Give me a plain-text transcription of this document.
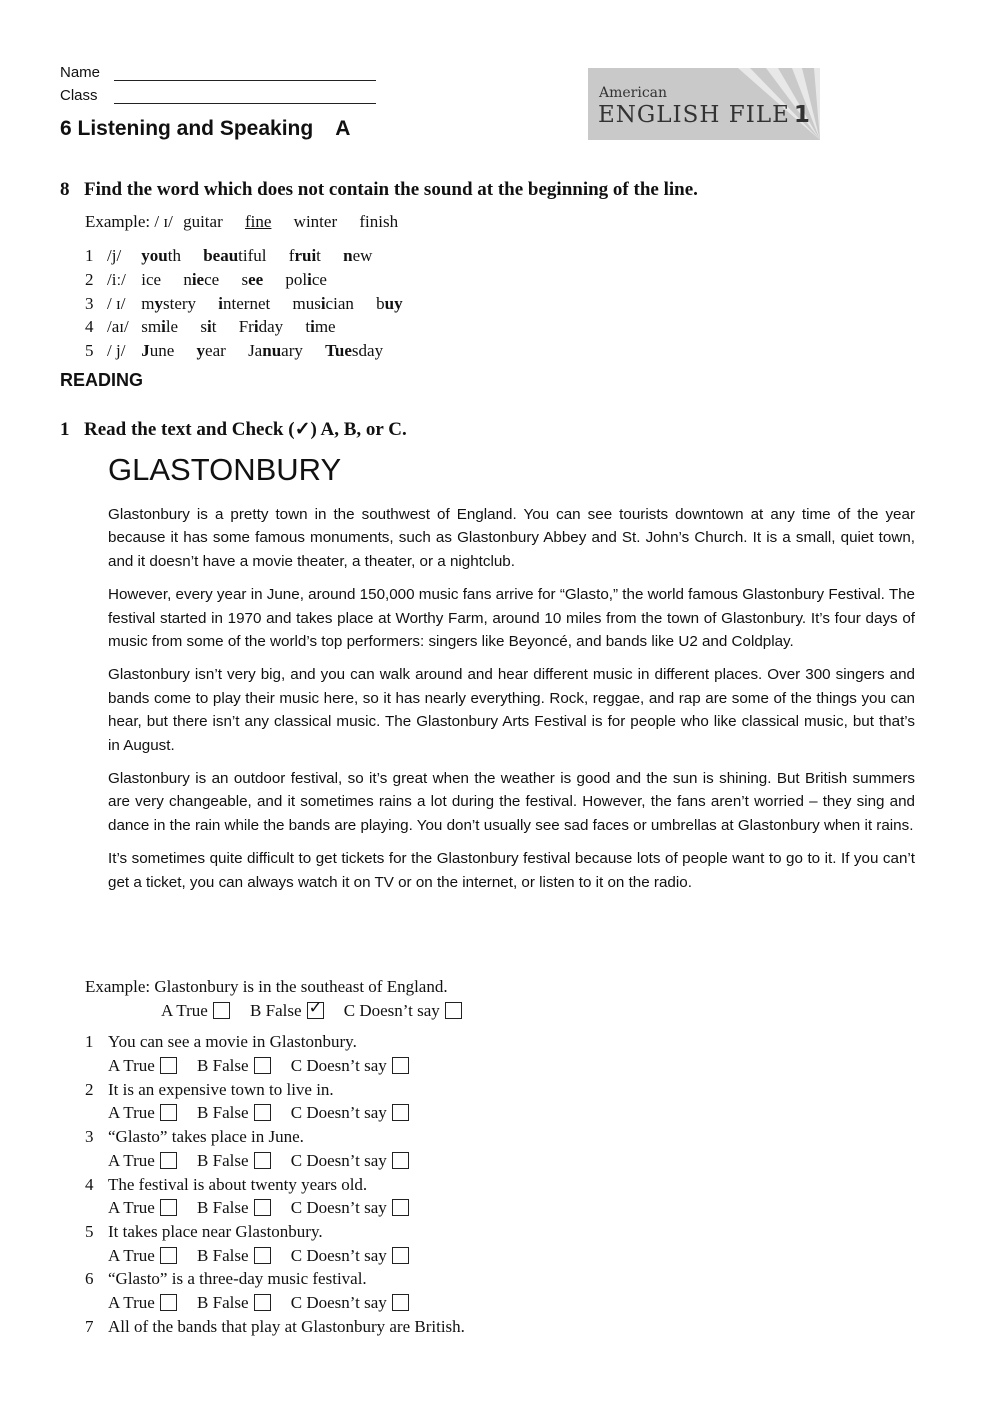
Name
Class
6 Listening and Speaking A
American
ENGLISH FILE 1
8 Find the word which does not contain the sound at the beginning of the line.
Example: / ɪ/ guitar fine winter finish
1 /j/ youth beautiful fruit new
2 /iː/ ice niece see police
3 / ɪ/ mystery internet musician buy
4 /aɪ/ smile sit Friday time
5 / j/ June year January Tuesday
READING
1 Read the text and Check (✓) A, B, or C.
GLASTONBURY

Glastonbury is a pretty town in the southwest of England. You can see tourists downtown at any time of the year because it has some famous monuments, such as Glastonbury Abbey and St. John’s Church. It is a small, quiet town, and it doesn’t have a movie theater, a theater, or a nightclub.

However, every year in June, around 150,000 music fans arrive for “Glasto,” the world famous Glastonbury Festival. The festival started in 1970 and takes place at Worthy Farm, around 10 miles from the town of Glastonbury. It’s four days of music from some of the world’s top performers: singers like Beyoncé, and bands like U2 and Coldplay.

Glastonbury isn’t very big, and you can walk around and hear different music in different places. Over 300 singers and bands come to play their music here, so it has nearly everything. Rock, reggae, and rap are some of the things you can hear, but there isn’t any classical music. The Glastonbury Arts Festival is for people who like classical music, but that’s in August.

Glastonbury is an outdoor festival, so it’s great when the weather is good and the sun is shining. But British summers are very changeable, and it sometimes rains a lot during the festival. However, the fans aren’t worried – they sing and dance in the rain while the bands are playing. You don’t usually see sad faces or umbrellas at Glastonbury when it rains.

It’s sometimes quite difficult to get tickets for the Glastonbury festival because lots of people want to go to it. If you can’t get a ticket, you can always watch it on TV or on the internet, or listen to it on the radio.

Example: Glastonbury is in the southeast of England.
A True B False ✓ C Doesn’t say
1 You can see a movie in Glastonbury.
A True B False C Doesn’t say
2 It is an expensive town to live in.
A True B False C Doesn’t say
3 “Glasto” takes place in June.
A True B False C Doesn’t say
4 The festival is about twenty years old.
A True B False C Doesn’t say
5 It takes place near Glastonbury.
A True B False C Doesn’t say
6 “Glasto” is a three-day music festival.
A True B False C Doesn’t say
7 All of the bands that play at Glastonbury are British.
